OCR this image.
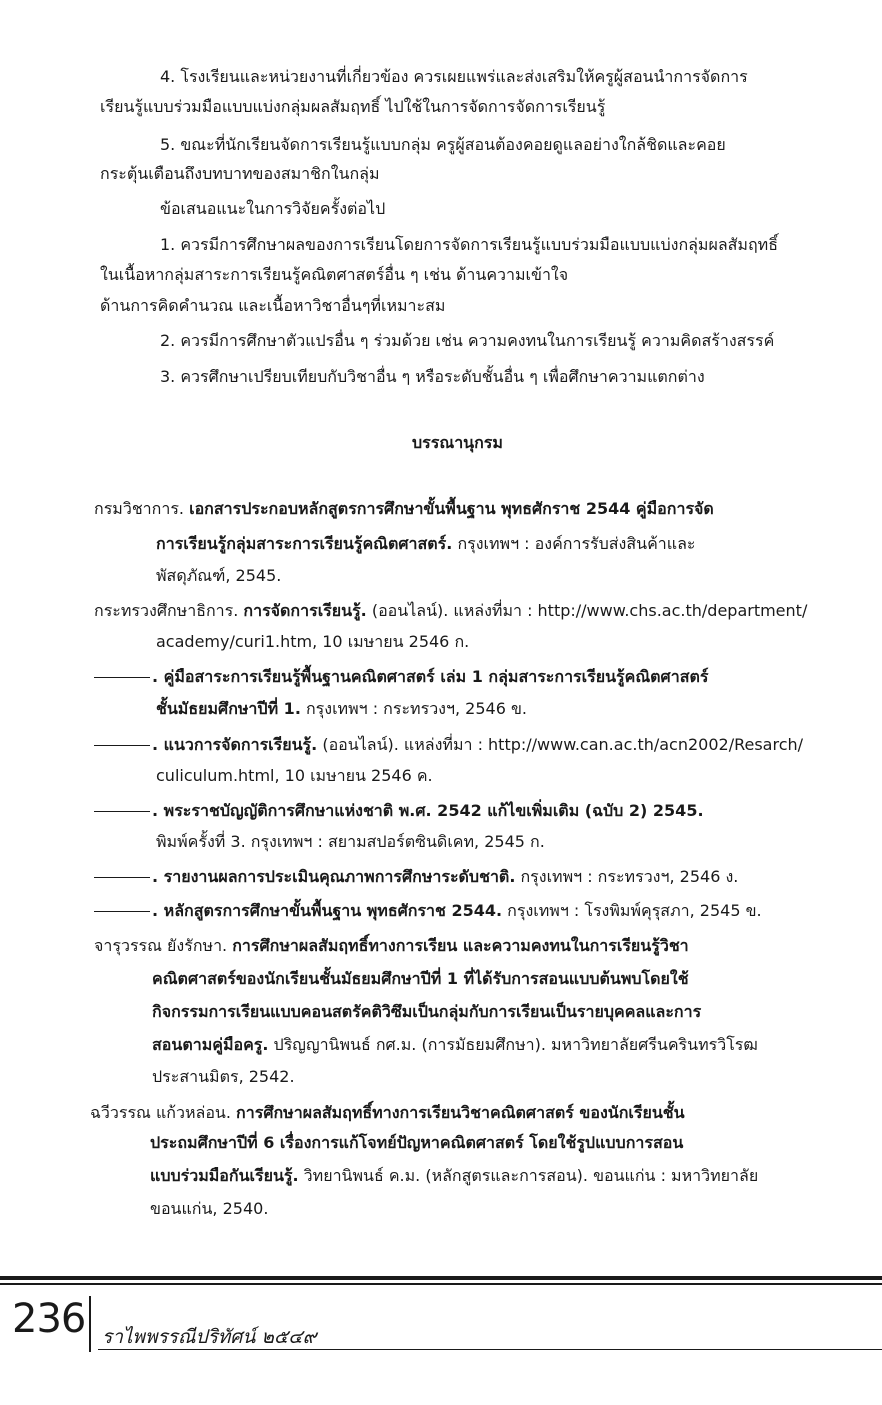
4. โรงเรียนและหน่วยงานที่เกี่ยวข้อง ควรเผยแพร่และส่งเสริมให้ครูผู้สอนนำการจัดการ
เรียนรู้แบบร่วมมือแบบแบ่งกลุ่มผลสัมฤทธิ์ ไปใช้ในการจัดการจัดการเรียนรู้
5. ขณะที่นักเรียนจัดการเรียนรู้แบบกลุ่ม ครูผู้สอนต้องคอยดูแลอย่างใกล้ชิดและคอย
กระตุ้นเตือนถึงบทบาทของสมาชิกในกลุ่ม
ข้อเสนอแนะในการวิจัยครั้งต่อไป
1. ควรมีการศึกษาผลของการเรียนโดยการจัดการเรียนรู้แบบร่วมมือแบบแบ่งกลุ่มผลสัมฤทธิ์
ในเนื้อหากลุ่มสาระการเรียนรู้คณิตศาสตร์อื่น ๆ เช่น ด้านความเข้าใจ
ด้านการคิดคำนวณ และเนื้อหาวิชาอื่นๆที่เหมาะสม
2. ควรมีการศึกษาตัวแปรอื่น ๆ ร่วมด้วย เช่น ความคงทนในการเรียนรู้ ความคิดสร้างสรรค์
3. ควรศึกษาเปรียบเทียบกับวิชาอื่น ๆ หรือระดับชั้นอื่น ๆ เพื่อศึกษาความแตกต่าง
บรรณานุกรม
กรมวิชาการ. เอกสารประกอบหลักสูตรการศึกษาขั้นพื้นฐาน พุทธศักราช 2544 คู่มือการจัด
การเรียนรู้กลุ่มสาระการเรียนรู้คณิตศาสตร์. กรุงเทพฯ : องค์การรับส่งสินค้าและ
พัสดุภัณฑ์, 2545.
กระทรวงศึกษาธิการ. การจัดการเรียนรู้. (ออนไลน์). แหล่งที่มา : http://www.chs.ac.th/department/
academy/curi1.htm, 10 เมษายน 2546 ก.
. คู่มือสาระการเรียนรู้พื้นฐานคณิตศาสตร์ เล่ม 1 กลุ่มสาระการเรียนรู้คณิตศาสตร์
ชั้นมัธยมศึกษาปีที่ 1. กรุงเทพฯ : กระทรวงฯ, 2546 ข.
. แนวการจัดการเรียนรู้. (ออนไลน์). แหล่งที่มา : http://www.can.ac.th/acn2002/Resarch/
culiculum.html, 10 เมษายน 2546 ค.
. พระราชบัญญัติการศึกษาแห่งชาติ พ.ศ. 2542 แก้ไขเพิ่มเติม (ฉบับ 2) 2545.
พิมพ์ครั้งที่ 3. กรุงเทพฯ : สยามสปอร์ตซินดิเคท, 2545 ก.
. รายงานผลการประเมินคุณภาพการศึกษาระดับชาติ. กรุงเทพฯ : กระทรวงฯ, 2546 ง.
. หลักสูตรการศึกษาขั้นพื้นฐาน พุทธศักราช 2544. กรุงเทพฯ : โรงพิมพ์คุรุสภา, 2545 ข.
จารุวรรณ ยังรักษา. การศึกษาผลสัมฤทธิ์ทางการเรียน และความคงทนในการเรียนรู้วิชา
คณิตศาสตร์ของนักเรียนชั้นมัธยมศึกษาปีที่ 1 ที่ได้รับการสอนแบบต้นพบโดยใช้
กิจกรรมการเรียนแบบคอนสตรัคติวิซึมเป็นกลุ่มกับการเรียนเป็นรายบุคคลและการ
สอนตามคู่มือครู. ปริญญานิพนธ์ กศ.ม. (การมัธยมศึกษา). มหาวิทยาลัยศรีนครินทรวิโรฒ
ประสานมิตร, 2542.
ฉวีวรรณ แก้วหล่อน. การศึกษาผลสัมฤทธิ์ทางการเรียนวิชาคณิตศาสตร์ ของนักเรียนชั้น
ประถมศึกษาปีที่ 6 เรื่องการแก้โจทย์ปัญหาคณิตศาสตร์ โดยใช้รูปแบบการสอน
แบบร่วมมือกันเรียนรู้. วิทยานิพนธ์ ค.ม. (หลักสูตรและการสอน). ขอนแก่น : มหาวิทยาลัย
ขอนแก่น, 2540.
236 ราไพพรรณีปริทัศน์ ๒๕๔๙
